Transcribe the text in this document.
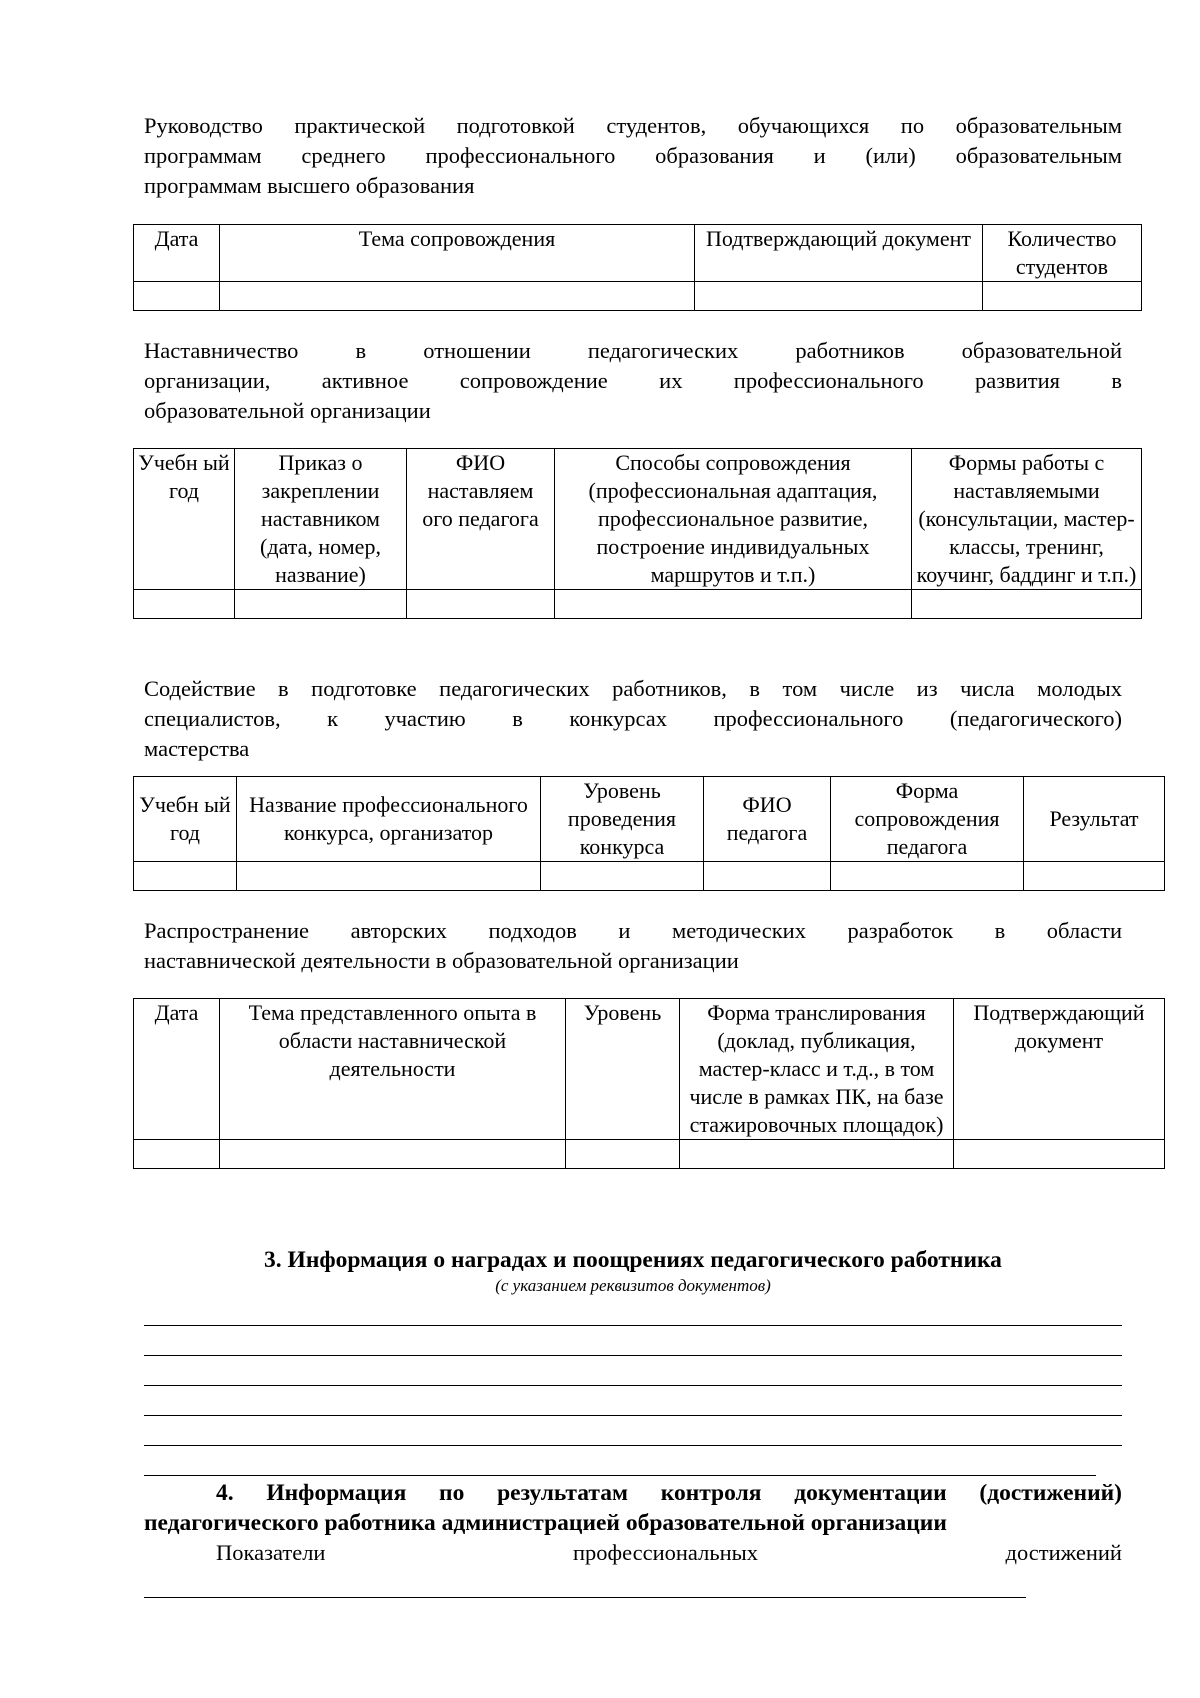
Руководство практической подготовкой студентов, обучающихся по образовательным
программам среднего профессионального образования и (или) образовательным
программам высшего образования
Дата	Тема сопровождения	Подтверждающий документ	Количество студентов

Наставничество в отношении педагогических работников образовательной
организации, активное сопровождение их профессионального развития в
образовательной организации
Учебн ый год	Приказ о закреплении наставником (дата, номер, название)	ФИО наставляем ого педагога	Способы сопровождения (профессиональная адаптация, профессиональное развитие, построение индивидуальных маршрутов и т.п.)	Формы работы с наставляемыми (консультации, мастер-классы, тренинг, коучинг, баддинг и т.п.)

Содействие в подготовке педагогических работников, в том числе из числа молодых
специалистов, к участию в конкурсах профессионального (педагогического)
мастерства
Учебн ый год	Название профессионального конкурса, организатор	Уровень проведения конкурса	ФИО педагога	Форма сопровождения педагога	Результат

Распространение авторских подходов и методических разработок в области
наставнической деятельности в образовательной организации
Дата	Тема представленного опыта в области наставнической деятельности	Уровень	Форма транслирования (доклад, публикация, мастер-класс и т.д., в том числе в рамках ПК, на базе стажировочных площадок)	Подтверждающий документ

3. Информация о наградах и поощрениях педагогического работника
(с указанием реквизитов документов)
4. Информация по результатам контроля документации (достижений)
педагогического работника администрацией образовательной организации
Показатели	профессиональных	достижений
